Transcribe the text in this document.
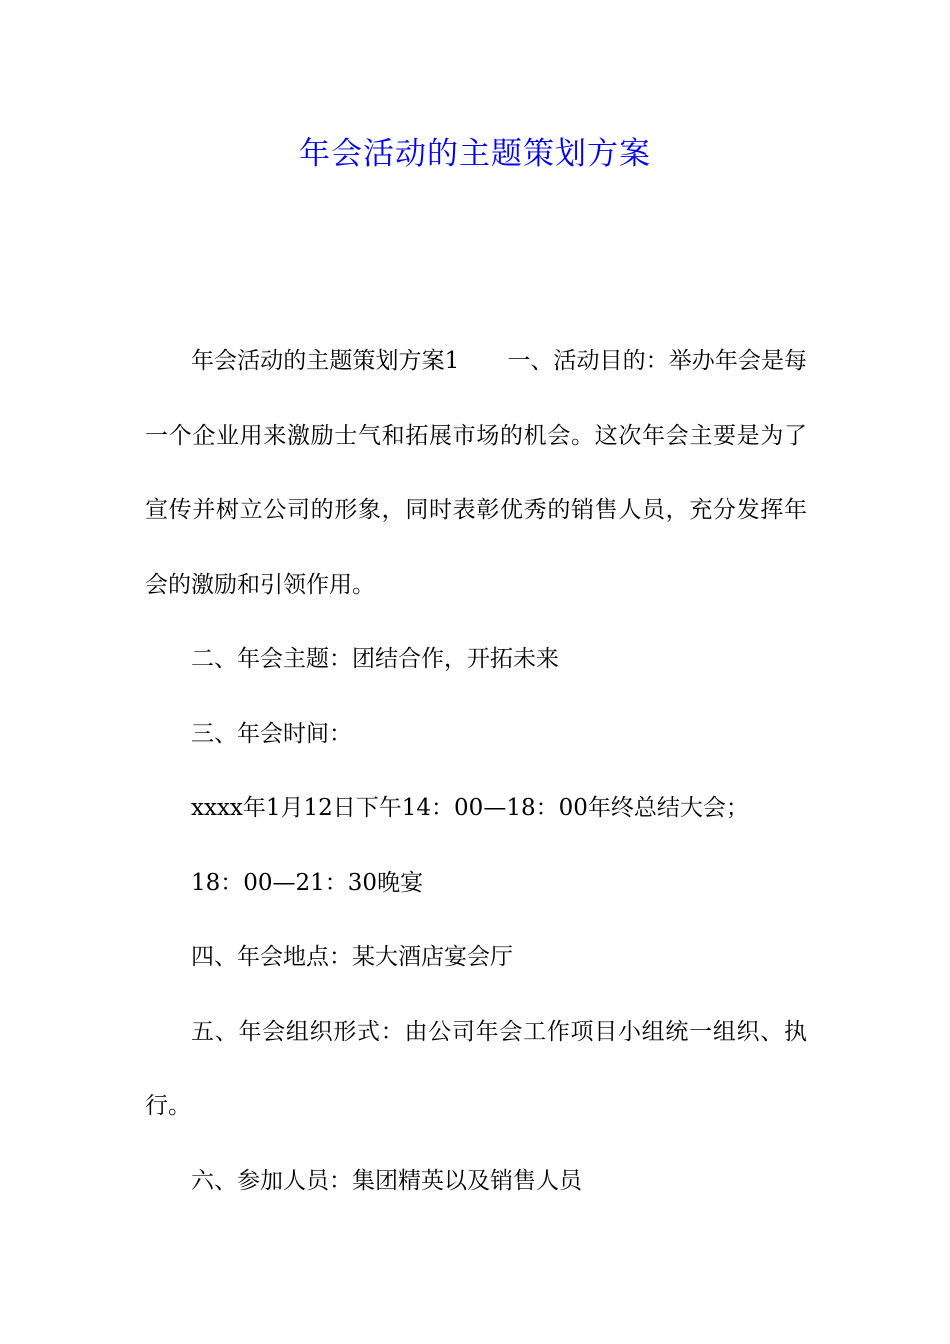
年会活动的主题策划方案

年会活动的主题策划方案1 一、活动目的：举办年会是每一个企业用来激励士气和拓展市场的机会。这次年会主要是为了宣传并树立公司的形象，同时表彰优秀的销售人员，充分发挥年会的激励和引领作用。

二、年会主题：团结合作，开拓未来

三、年会时间：

xxxx年1月12日下午14：00—18：00年终总结大会；

18：00—21：30晚宴

四、年会地点：某大酒店宴会厅

五、年会组织形式：由公司年会工作项目小组统一组织、执行。

六、参加人员：集团精英以及销售人员
